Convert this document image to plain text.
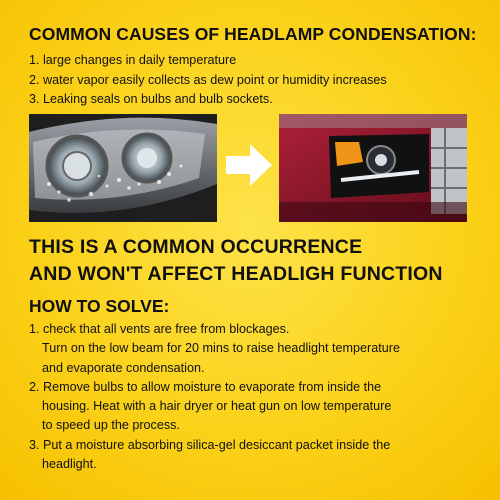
COMMON CAUSES OF HEADLAMP CONDENSATION:
1. large changes in daily temperature
2. water vapor easily collects as dew point or humidity increases
3. Leaking seals on bulbs and bulb sockets.
THIS IS A COMMON OCCURRENCE
AND WON'T AFFECT HEADLIGH FUNCTION
HOW TO SOLVE:
1. check that all vents are free from blockages.
Turn on the low beam for 20 mins to raise headlight temperature
and evaporate condensation.
2. Remove bulbs to allow moisture to evaporate from inside the
housing. Heat with a hair dryer or heat gun on low temperature
to speed up the process.
3. Put a moisture absorbing silica-gel desiccant packet inside the
headlight.
